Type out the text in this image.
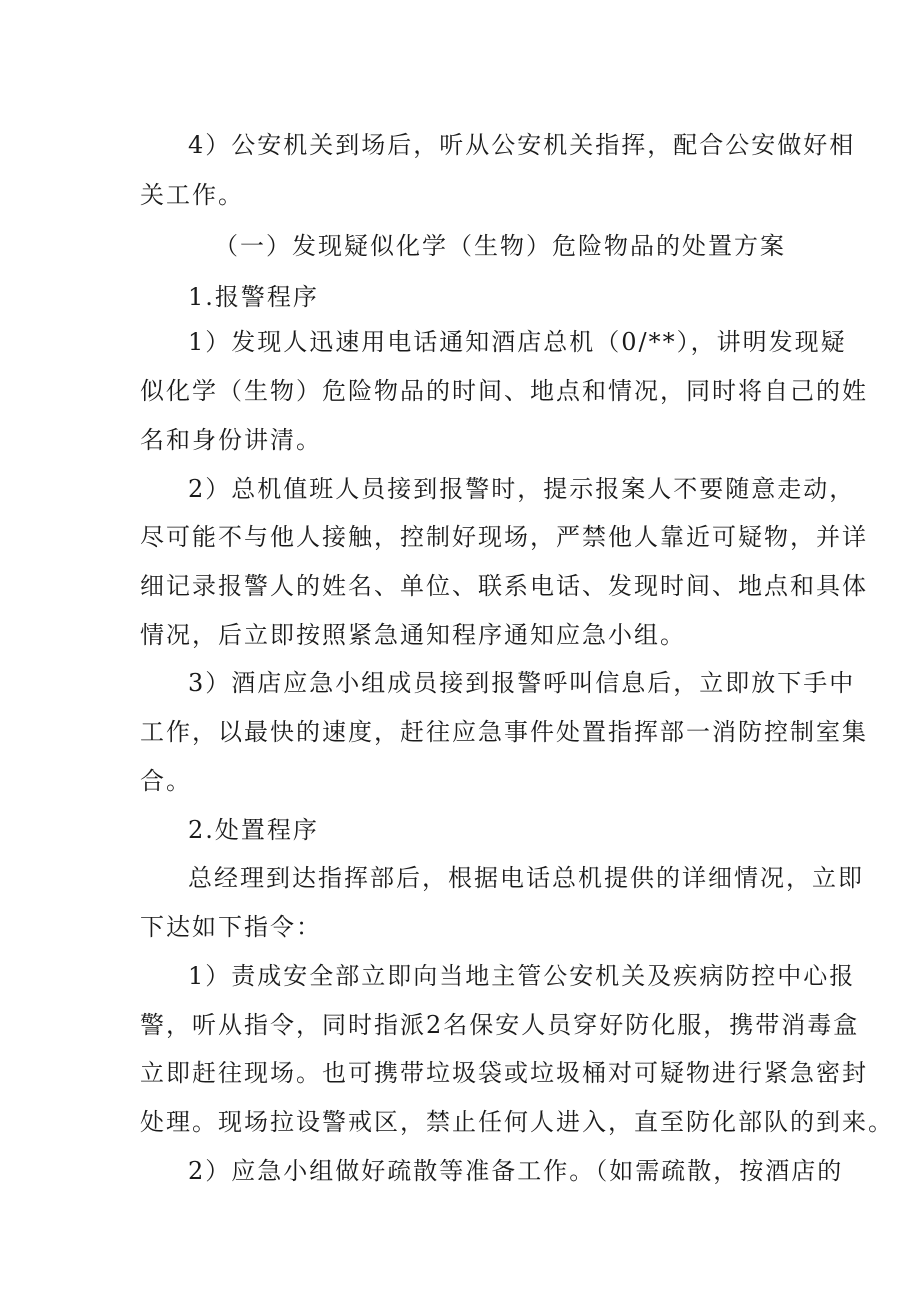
4）公安机关到场后，听从公安机关指挥，配合公安做好相
关工作。
（一）发现疑似化学（生物）危险物品的处置方案
1.报警程序
1）发现人迅速用电话通知酒店总机（0/**），讲明发现疑
似化学（生物）危险物品的时间、地点和情况，同时将自己的姓
名和身份讲清。
2）总机值班人员接到报警时，提示报案人不要随意走动，
尽可能不与他人接触，控制好现场，严禁他人靠近可疑物，并详
细记录报警人的姓名、单位、联系电话、发现时间、地点和具体
情况，后立即按照紧急通知程序通知应急小组。
3）酒店应急小组成员接到报警呼叫信息后，立即放下手中
工作，以最快的速度，赶往应急事件处置指挥部一消防控制室集
合。
2.处置程序
总经理到达指挥部后，根据电话总机提供的详细情况，立即
下达如下指令：
1）责成安全部立即向当地主管公安机关及疾病防控中心报
警，听从指令，同时指派2名保安人员穿好防化服，携带消毒盒
立即赶往现场。也可携带垃圾袋或垃圾桶对可疑物进行紧急密封
处理。现场拉设警戒区，禁止任何人进入，直至防化部队的到来。
2）应急小组做好疏散等准备工作。（如需疏散，按酒店的
